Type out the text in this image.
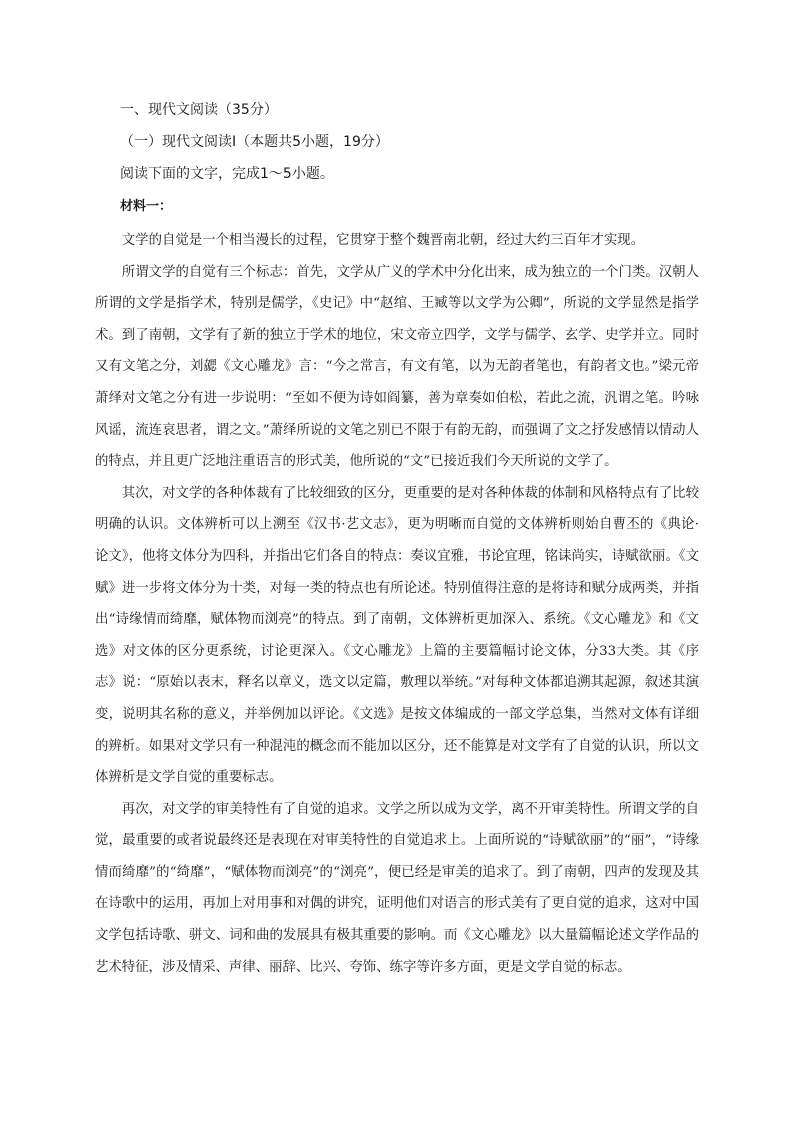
一、现代文阅读（35分）
（一）现代文阅读Ⅰ（本题共5小题，19分）
阅读下面的文字，完成1～5小题。
材料一：

文学的自觉是一个相当漫长的过程，它贯穿于整个魏晋南北朝，经过大约三百年才实现。

所谓文学的自觉有三个标志：首先，文学从广义的学术中分化出来，成为独立的一个门类。汉朝人所谓的文学是指学术，特别是儒学，《史记》中“赵绾、王臧等以文学为公卿”，所说的文学显然是指学术。到了南朝，文学有了新的独立于学术的地位，宋文帝立四学，文学与儒学、玄学、史学并立。同时又有文笔之分，刘勰《文心雕龙》言：“今之常言，有文有笔，以为无韵者笔也，有韵者文也。”梁元帝萧绎对文笔之分有进一步说明：“至如不便为诗如阎纂，善为章奏如伯松，若此之流，汎谓之笔。吟咏风谣，流连哀思者，谓之文。”萧绎所说的文笔之别已不限于有韵无韵，而强调了文之抒发感情以情动人的特点，并且更广泛地注重语言的形式美，他所说的“文”已接近我们今天所说的文学了。

其次，对文学的各种体裁有了比较细致的区分，更重要的是对各种体裁的体制和风格特点有了比较明确的认识。文体辨析可以上溯至《汉书·艺文志》，更为明晰而自觉的文体辨析则始自曹丕的《典论·论文》，他将文体分为四科，并指出它们各自的特点：奏议宜雅，书论宜理，铭诔尚实，诗赋欲丽。《文赋》进一步将文体分为十类，对每一类的特点也有所论述。特别值得注意的是将诗和赋分成两类，并指出“诗缘情而绮靡，赋体物而浏亮”的特点。到了南朝，文体辨析更加深入、系统。《文心雕龙》和《文选》对文体的区分更系统，讨论更深入。《文心雕龙》上篇的主要篇幅讨论文体，分33大类。其《序志》说：“原始以表末，释名以章义，选文以定篇，敷理以举统。”对每种文体都追溯其起源，叙述其演变，说明其名称的意义，并举例加以评论。《文选》是按文体编成的一部文学总集，当然对文体有详细的辨析。如果对文学只有一种混沌的概念而不能加以区分，还不能算是对文学有了自觉的认识，所以文体辨析是文学自觉的重要标志。

再次，对文学的审美特性有了自觉的追求。文学之所以成为文学，离不开审美特性。所谓文学的自觉，最重要的或者说最终还是表现在对审美特性的自觉追求上。上面所说的“诗赋欲丽”的“丽”，“诗缘情而绮靡”的“绮靡”，“赋体物而浏亮”的“浏亮”，便已经是审美的追求了。到了南朝，四声的发现及其在诗歌中的运用，再加上对用事和对偶的讲究，证明他们对语言的形式美有了更自觉的追求，这对中国文学包括诗歌、骈文、词和曲的发展具有极其重要的影响。而《文心雕龙》以大量篇幅论述文学作品的艺术特征，涉及情采、声律、丽辞、比兴、夸饰、练字等许多方面，更是文学自觉的标志。
